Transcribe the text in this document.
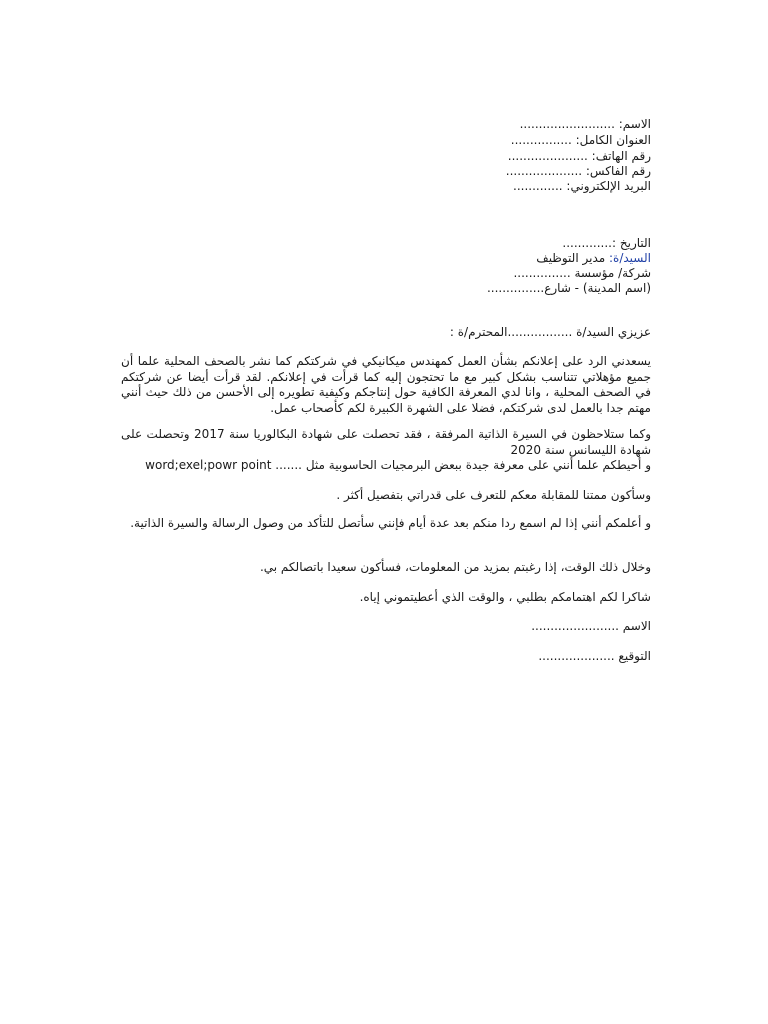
الاسم: .........................
العنوان الكامل: ................
رقم الهاتف: .....................
رقم الفاكس: ....................
البريد الإلكتروني: .............
التاريخ :.............
السيد/ة: مدير التوظيف
شركة/ مؤسسة ...............
(اسم المدينة) - شارع...............
عزيزي السيد/ة .................المحترم/ة :
يسعدني الرد على إعلانكم بشأن العمل كمهندس ميكانيكي في شركتكم كما نشر بالصحف المحلية علما أن جميع مؤهلاتي تتناسب بشكل كبير مع ما تحتجون إليه كما قرأت في إعلانكم. لقد قرأت أيضا عن شركتكم في الصحف المحلية ، وانا لدي المعرفة الكافية حول إنتاجكم وكيفية تطويره إلى الأحسن من ذلك حيث أنني مهتم جدا بالعمل لدى شركتكم، فضلا على الشهرة الكبيرة لكم كأصحاب عمل.
وكما ستلاحظون في السيرة الذاتية المرفقة ، فقد تحصلت على شهادة البكالوريا سنة 2017 وتحصلت على شهادة الليسانس سنة 2020
و أحيطكم علما أنني على معرفة جيدة ببعض البرمجيات الحاسوبية مثل word;exel;powr point .......
وسأكون ممتنا للمقابلة معكم للتعرف على قدراتي بتفصيل أكثر .
و أعلمكم أنني إذا لم اسمع ردا منكم بعد عدة أيام فإنني سأتصل للتأكد من وصول الرسالة والسيرة الذاتية.
وخلال ذلك الوقت، إذا رغبتم بمزيد من المعلومات، فسأكون سعيدا باتصالكم بي.
شاكرا لكم اهتمامكم بطلبي ، والوقت الذي أعطيتموني إياه.
الاسم .......................
التوقيع ....................
